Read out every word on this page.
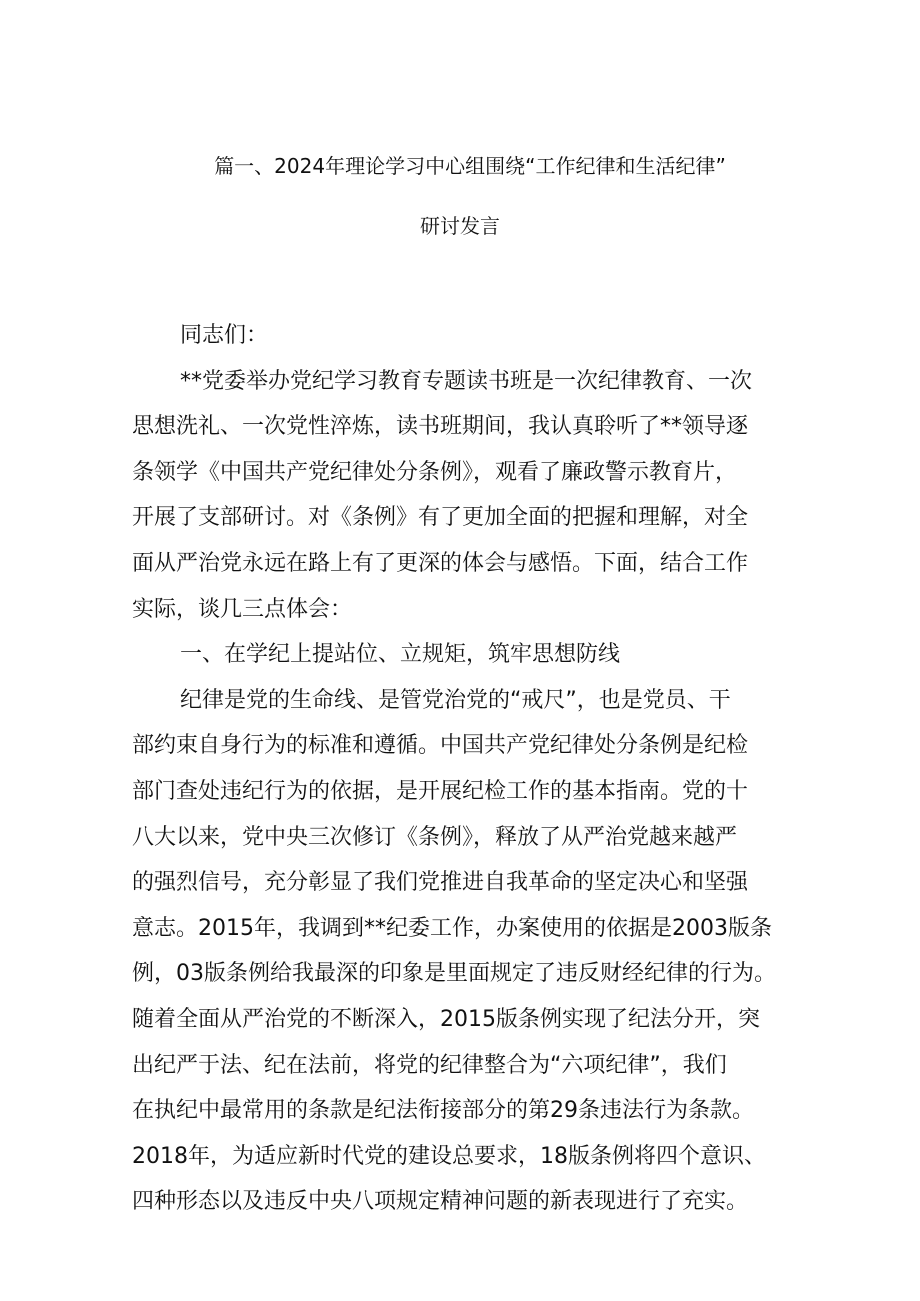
篇一、2024年理论学习中心组围绕“工作纪律和生活纪律”
研讨发言
同志们：
**党委举办党纪学习教育专题读书班是一次纪律教育、一次
思想洗礼、一次党性淬炼，读书班期间，我认真聆听了**领导逐
条领学《中国共产党纪律处分条例》，观看了廉政警示教育片，
开展了支部研讨。对《条例》有了更加全面的把握和理解，对全
面从严治党永远在路上有了更深的体会与感悟。下面，结合工作
实际，谈几三点体会：
一、在学纪上提站位、立规矩，筑牢思想防线
纪律是党的生命线、是管党治党的“戒尺”，也是党员、干
部约束自身行为的标准和遵循。中国共产党纪律处分条例是纪检
部门查处违纪行为的依据，是开展纪检工作的基本指南。党的十
八大以来，党中央三次修订《条例》，释放了从严治党越来越严
的强烈信号，充分彰显了我们党推进自我革命的坚定决心和坚强
意志。2015年，我调到**纪委工作，办案使用的依据是2003版条
例，03版条例给我最深的印象是里面规定了违反财经纪律的行为。
随着全面从严治党的不断深入，2015版条例实现了纪法分开，突
出纪严于法、纪在法前，将党的纪律整合为“六项纪律”，我们
在执纪中最常用的条款是纪法衔接部分的第29条违法行为条款。
2018年，为适应新时代党的建设总要求，18版条例将四个意识、
四种形态以及违反中央八项规定精神问题的新表现进行了充实。
